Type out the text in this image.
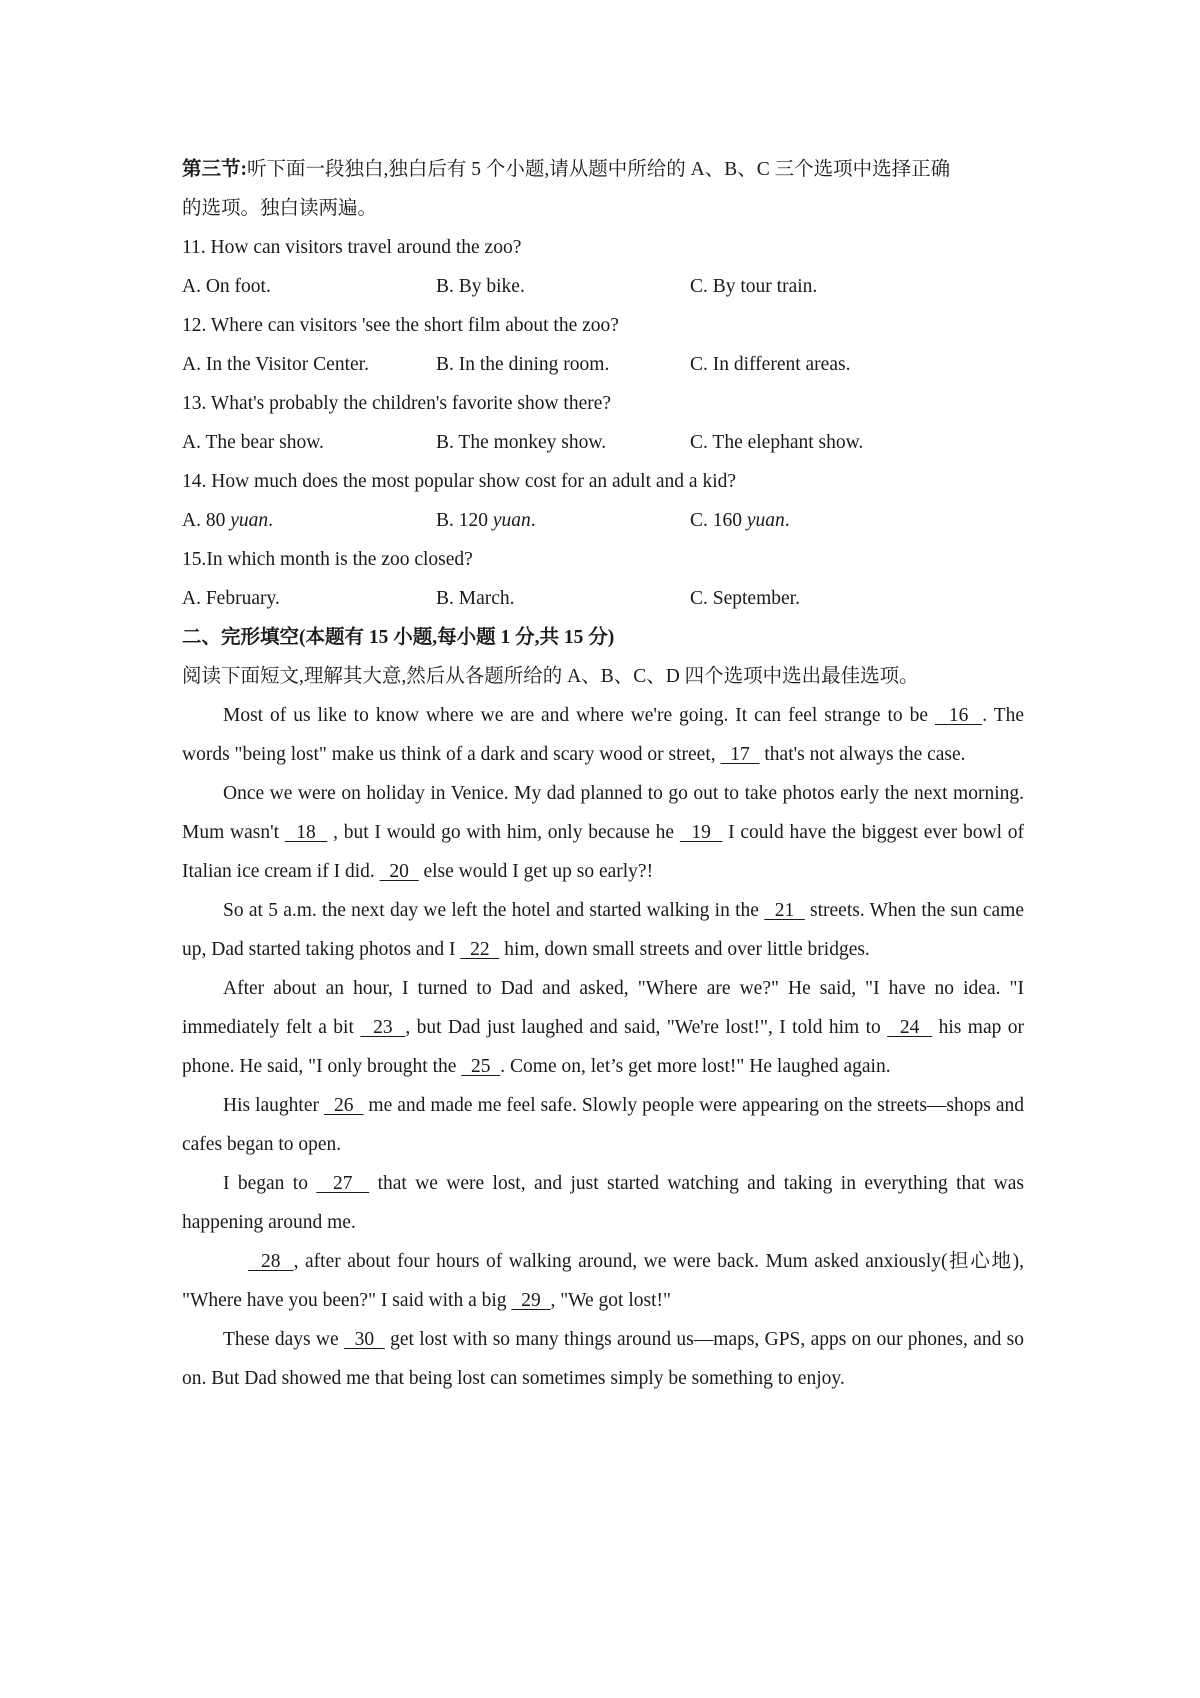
第三节:听下面一段独白,独白后有 5 个小题,请从题中所给的 A、B、C 三个选项中选择正确
的选项。独白读两遍。
11. How can visitors travel around the zoo?
A. On foot.	B. By bike.	C. By tour train.
12. Where can visitors 'see the short film about the zoo?
A. In the Visitor Center.	B. In the dining room.	C. In different areas.
13. What's probably the children's favorite show there?
A. The bear show.	B. The monkey show.	C. The elephant show.
14. How much does the most popular show cost for an adult and a kid?
A. 80 yuan.	B. 120 yuan.	C. 160 yuan.
15.In which month is the zoo closed?
A. February.	B. March.	C. September.
二、完形填空(本题有 15 小题,每小题 1 分,共 15 分)
阅读下面短文,理解其大意,然后从各题所给的 A、B、C、D 四个选项中选出最佳选项。
Most of us like to know where we are and where we're going. It can feel strange to be   16  . The words "being lost" make us think of a dark and scary wood or street,   17   that's not always the case.
Once we were on holiday in Venice. My dad planned to go out to take photos early the next morning. Mum wasn't   18   , but I would go with him, only because he   19   I could have the biggest ever bowl of Italian ice cream if I did.   20   else would I get up so early?!
So at 5 a.m. the next day we left the hotel and started walking in the   21   streets. When the sun came up, Dad started taking photos and I   22   him, down small streets and over little bridges.
After about an hour, I turned to Dad and asked, "Where are we?" He said, "I have no idea. "I immediately felt a bit   23  , but Dad just laughed and said, "We're lost!", I told him to   24   his map or phone. He said, "I only brought the   25  . Come on, let’s get more lost!" He laughed again.
His laughter   26   me and made me feel safe. Slowly people were appearing on the streets—shops and cafes began to open.
I began to   27   that we were lost, and just started watching and taking in everything that was happening around me.
28  , after about four hours of walking around, we were back. Mum asked anxiously(担心地), "Where have you been?" I said with a big   29  , "We got lost!"
These days we   30   get lost with so many things around us—maps, GPS, apps on our phones, and so on. But Dad showed me that being lost can sometimes simply be something to enjoy.
